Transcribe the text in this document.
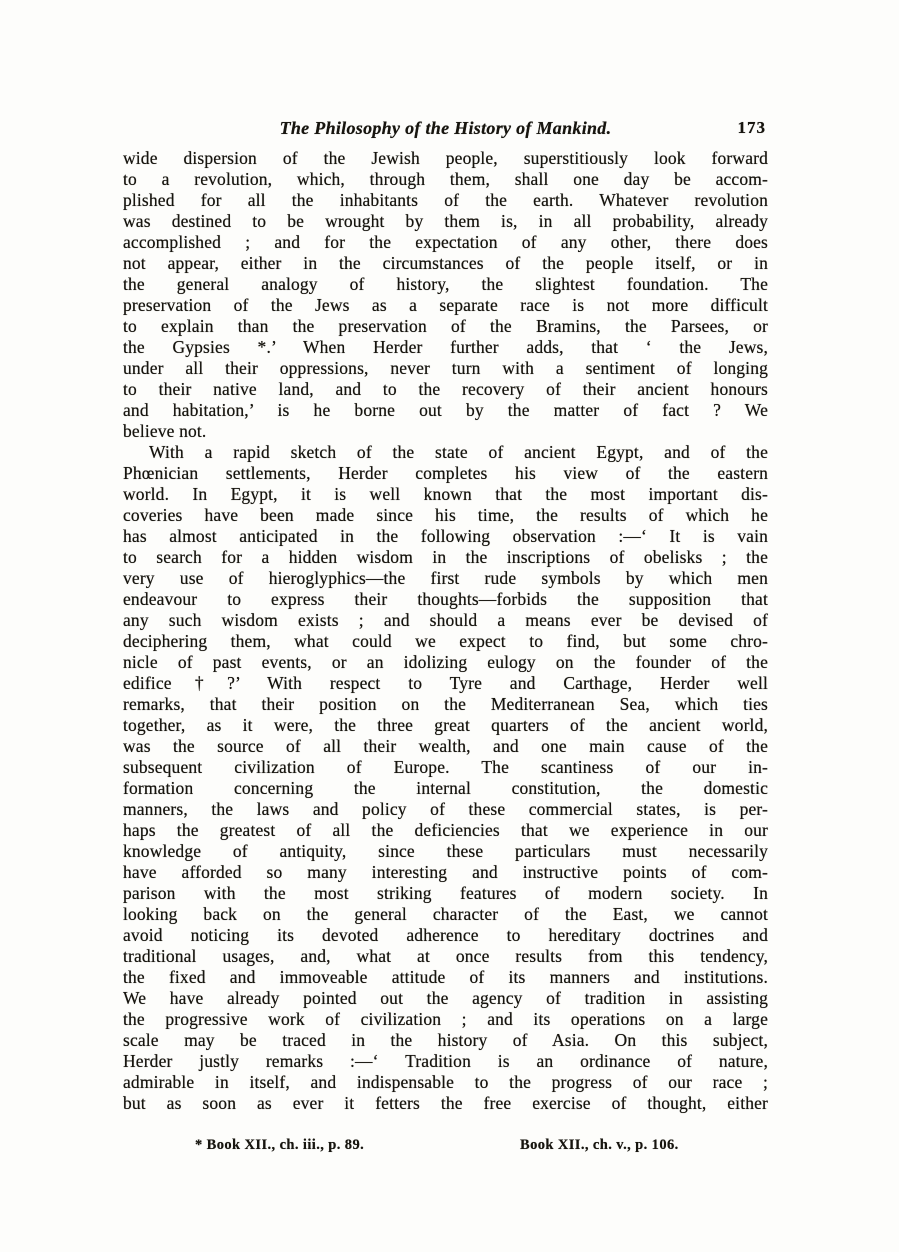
The Philosophy of the History of Mankind.	173
wide dispersion of the Jewish people, superstitiously look forward
to a revolution, which, through them, shall one day be accom-
plished for all the inhabitants of the earth. Whatever revolution
was destined to be wrought by them is, in all probability, already
accomplished ; and for the expectation of any other, there does
not appear, either in the circumstances of the people itself, or in
the general analogy of history, the slightest foundation. The
preservation of the Jews as a separate race is not more difficult
to explain than the preservation of the Bramins, the Parsees, or
the Gypsies *.’ When Herder further adds, that ‘ the Jews,
under all their oppressions, never turn with a sentiment of longing
to their native land, and to the recovery of their ancient honours
and habitation,’ is he borne out by the matter of fact ? We
believe not.
With a rapid sketch of the state of ancient Egypt, and of the
Phœnician settlements, Herder completes his view of the eastern
world. In Egypt, it is well known that the most important dis-
coveries have been made since his time, the results of which he
has almost anticipated in the following observation :—‘ It is vain
to search for a hidden wisdom in the inscriptions of obelisks ; the
very use of hieroglyphics—the first rude symbols by which men
endeavour to express their thoughts—forbids the supposition that
any such wisdom exists ; and should a means ever be devised of
deciphering them, what could we expect to find, but some chro-
nicle of past events, or an idolizing eulogy on the founder of the
edifice†?’ With respect to Tyre and Carthage, Herder well
remarks, that their position on the Mediterranean Sea, which ties
together, as it were, the three great quarters of the ancient world,
was the source of all their wealth, and one main cause of the
subsequent civilization of Europe. The scantiness of our in-
formation concerning the internal constitution, the domestic
manners, the laws and policy of these commercial states, is per-
haps the greatest of all the deficiencies that we experience in our
knowledge of antiquity, since these particulars must necessarily
have afforded so many interesting and instructive points of com-
parison with the most striking features of modern society. In
looking back on the general character of the East, we cannot
avoid noticing its devoted adherence to hereditary doctrines and
traditional usages, and, what at once results from this tendency,
the fixed and immoveable attitude of its manners and institutions.
We have already pointed out the agency of tradition in assisting
the progressive work of civilization ; and its operations on a large
scale may be traced in the history of Asia. On this subject,
Herder justly remarks :—‘ Tradition is an ordinance of nature,
admirable in itself, and indispensable to the progress of our race ;
but as soon as ever it fetters the free exercise of thought, either
* Book XII., ch. iii., p. 89.	Book XII., ch. v., p. 106.
